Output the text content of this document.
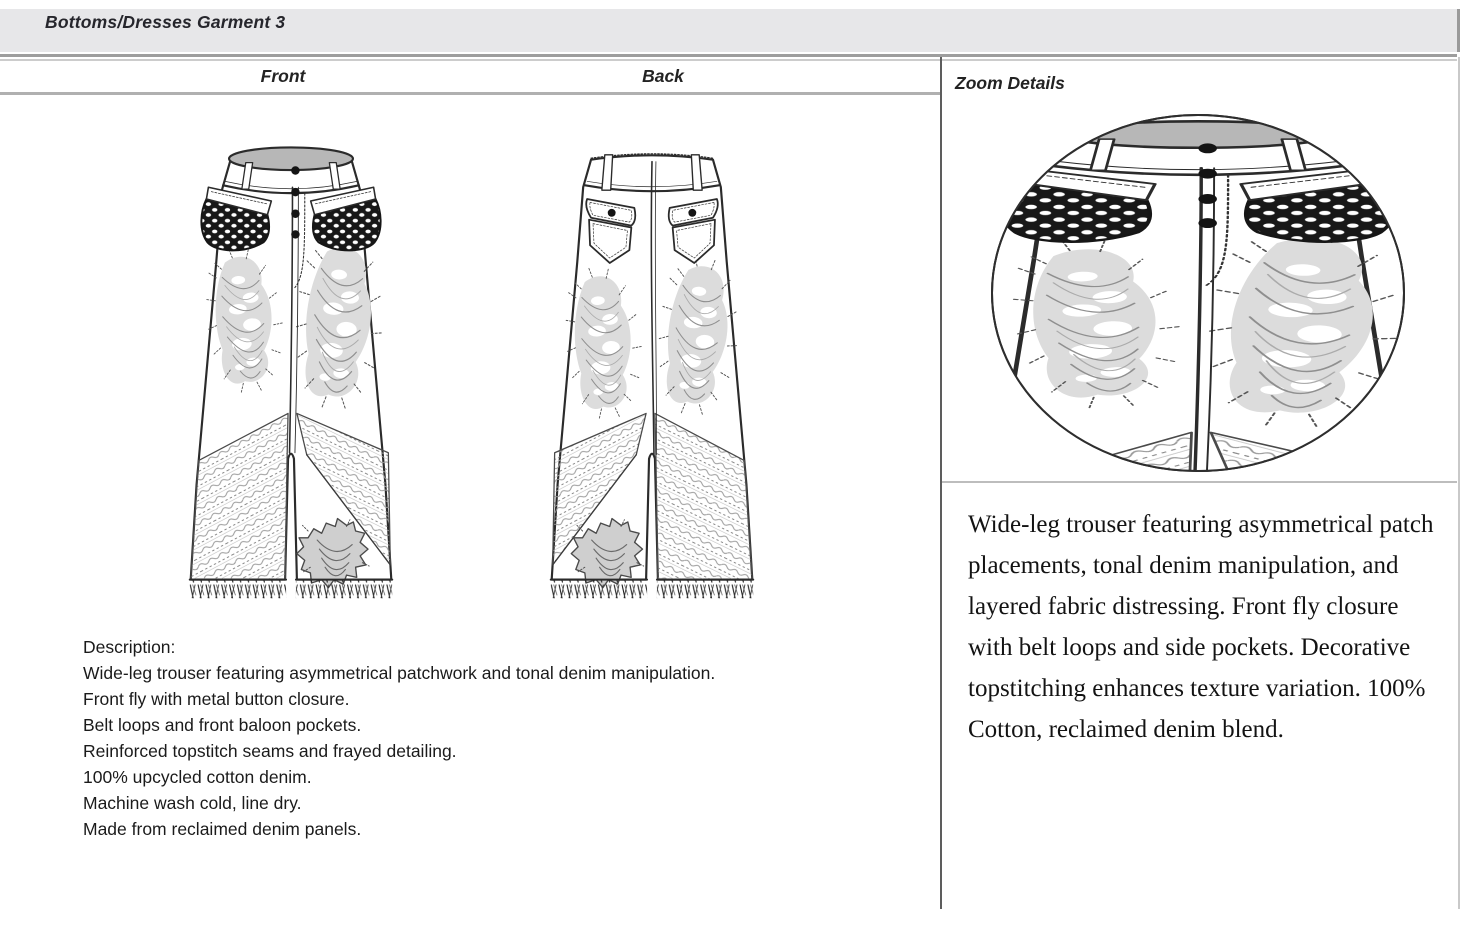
Bottoms/Dresses Garment 3
Front	Back	Zoom Details
Wide-leg trouser featuring asymmetrical patch placements, tonal denim manipulation, and layered fabric distressing. Front fly closure with belt loops and side pockets. Decorative topstitching enhances texture variation. 100% Cotton, reclaimed denim blend.
Description:
Wide-leg trouser featuring asymmetrical patchwork and tonal denim manipulation.
Front fly with metal button closure.
Belt loops and front baloon pockets.
Reinforced topstitch seams and frayed detailing.
100% upcycled cotton denim.
Machine wash cold, line dry.
Made from reclaimed denim panels.
